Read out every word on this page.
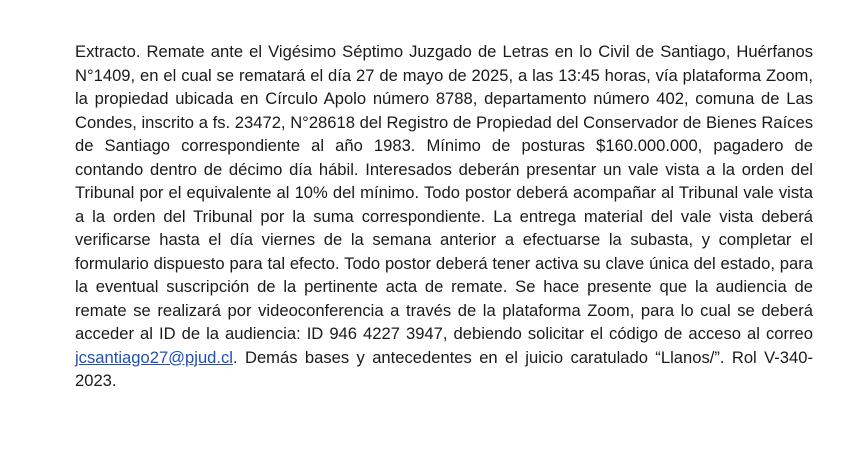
Extracto. Remate ante el Vigésimo Séptimo Juzgado de Letras en lo Civil de Santiago, Huérfanos N°1409, en el cual se rematará el día 27 de mayo de 2025, a las 13:45 horas, vía plataforma Zoom, la propiedad ubicada en Círculo Apolo número 8788, departamento número 402, comuna de Las Condes, inscrito a fs. 23472, N°28618 del Registro de Propiedad del Conservador de Bienes Raíces de Santiago correspondiente al año 1983. Mínimo de posturas $160.000.000, pagadero de contando dentro de décimo día hábil. Interesados deberán presentar un vale vista a la orden del Tribunal por el equivalente al 10% del mínimo. Todo postor deberá acompañar al Tribunal vale vista a la orden del Tribunal por la suma correspondiente. La entrega material del vale vista deberá verificarse hasta el día viernes de la semana anterior a efectuarse la subasta, y completar el formulario dispuesto para tal efecto. Todo postor deberá tener activa su clave única del estado, para la eventual suscripción de la pertinente acta de remate. Se hace presente que la audiencia de remate se realizará por videoconferencia a través de la plataforma Zoom, para lo cual se deberá acceder al ID de la audiencia: ID 946 4227 3947, debiendo solicitar el código de acceso al correo jcsantiago27@pjud.cl. Demás bases y antecedentes en el juicio caratulado “Llanos/”. Rol V-340-2023.
